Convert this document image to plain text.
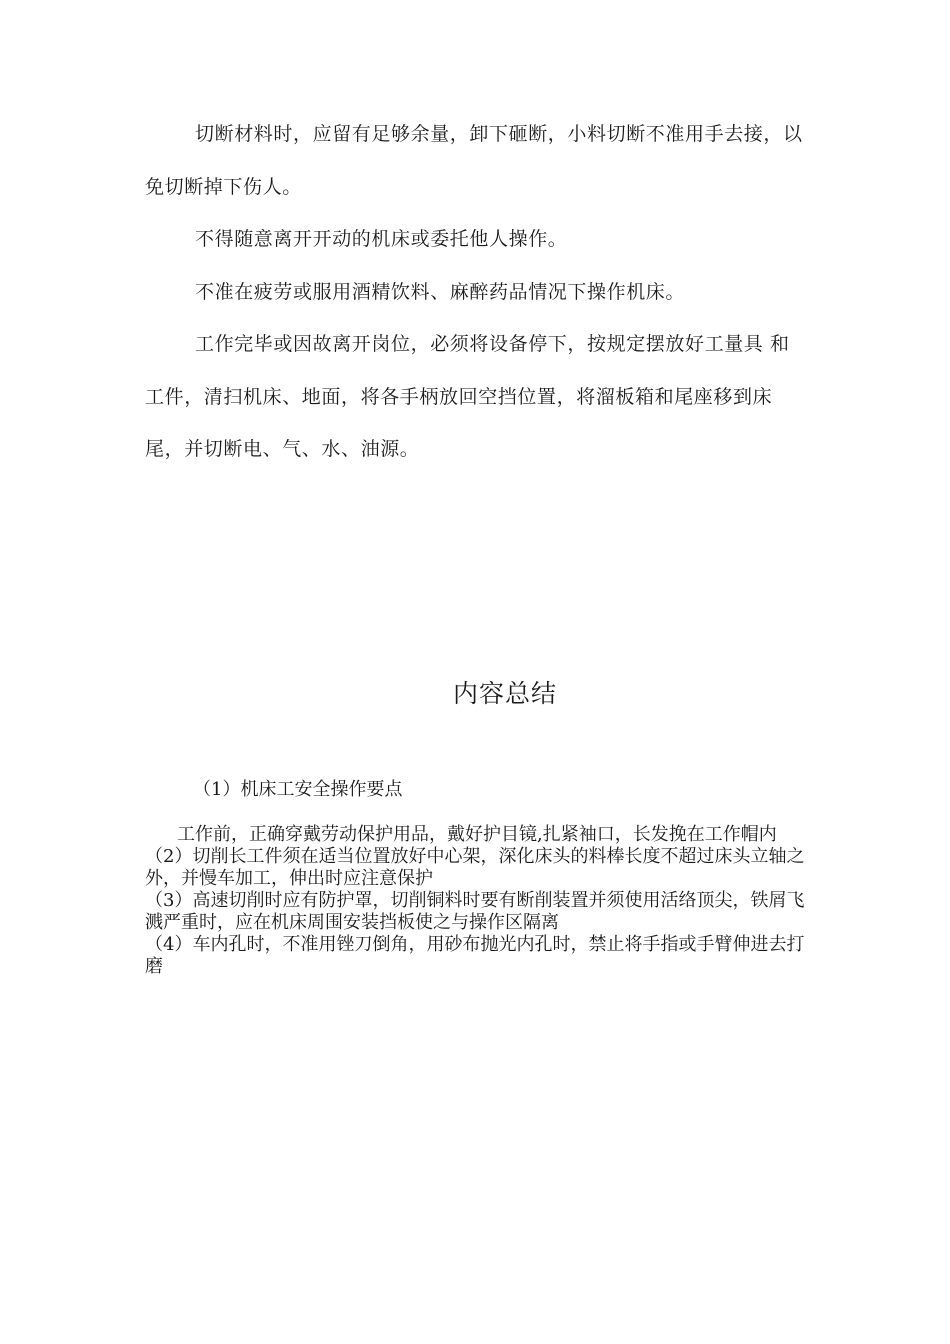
切断材料时，应留有足够余量，卸下砸断，小料切断不准用手去接，以免切断掉下伤人。

不得随意离开开动的机床或委托他人操作。

不准在疲劳或服用酒精饮料、麻醉药品情况下操作机床。

工作完毕或因故离开岗位，必须将设备停下，按规定摆放好工量具 和工件，清扫机床、地面，将各手柄放回空挡位置，将溜板箱和尾座移到床尾，并切断电、气、水、油源。

内容总结
（1）机床工安全操作要点

工作前，正确穿戴劳动保护用品，戴好护目镜,扎紧袖口，长发挽在工作帽内

（2）切削长工件须在适当位置放好中心架，深化床头的料棒长度不超过床头立轴之外，并慢车加工，伸出时应注意保护

（3）高速切削时应有防护罩，切削铜料时要有断削装置并须使用活络顶尖，铁屑飞溅严重时，应在机床周围安装挡板使之与操作区隔离

（4）车内孔时，不准用锉刀倒角，用砂布抛光内孔时，禁止将手指或手臂伸进去打磨
